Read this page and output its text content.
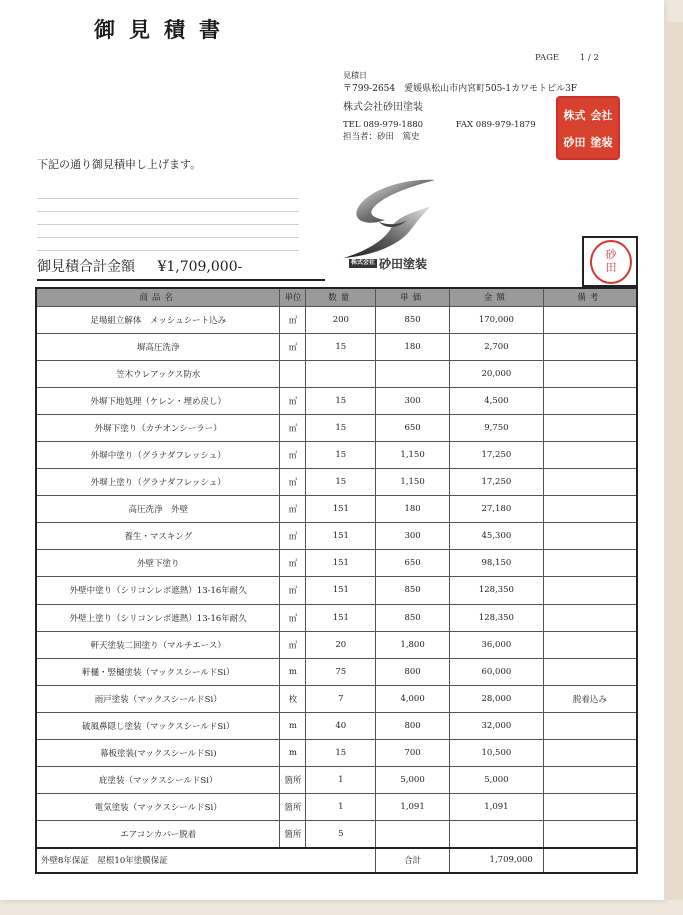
御見積書
PAGE 1 / 2
見積日
〒799-2654　愛媛県松山市内宮町505-1カワモトビル3F
株式会社砂田塗装
TEL 089-979-1880	FAX 089-979-1879
担当者：砂田　篤史
株式 会社
砂田 塗装
下記の通り御見積申し上げます。
株式会社 砂田塗装
御見積合計金額 ¥1,709,000-
砂
田
商品名	単位	数量	単価	金額	備考
足場組立解体　メッシュシート込み	㎡	200	850	170,000	
塀高圧洗浄	㎡	15	180	2,700	
笠木ウレアックス防水				20,000	
外塀下地処理（ケレン・埋め戻し）	㎡	15	300	4,500	
外塀下塗り（カチオンシーラー）	㎡	15	650	9,750	
外塀中塗り（グラナダフレッシュ）	㎡	15	1,150	17,250	
外塀上塗り（グラナダフレッシュ）	㎡	15	1,150	17,250	
高圧洗浄　外壁	㎡	151	180	27,180	
養生・マスキング	㎡	151	300	45,300	
外壁下塗り	㎡	151	650	98,150	
外壁中塗り（シリコンレボ遮熱）13-16年耐久	㎡	151	850	128,350	
外壁上塗り（シリコンレボ遮熱）13-16年耐久	㎡	151	850	128,350	
軒天塗装二回塗り（マルチエース）	㎡	20	1,800	36,000	
軒樋・竪樋塗装（マックスシールドSi）	m	75	800	60,000	
雨戸塗装（マックスシールドSi）	枚	7	4,000	28,000	脱着込み
破風鼻隠し塗装（マックスシールドSi）	m	40	800	32,000	
幕板塗装(マックスシールドSi)	m	15	700	10,500	
庇塗装（マックスシールドSi）	箇所	1	5,000	5,000	
電気塗装（マックスシールドSi）	箇所	1	1,091	1,091	
エアコンカバー脱着	箇所	5			
外壁8年保証　屋根10年塗膜保証			合計	1,709,000	
